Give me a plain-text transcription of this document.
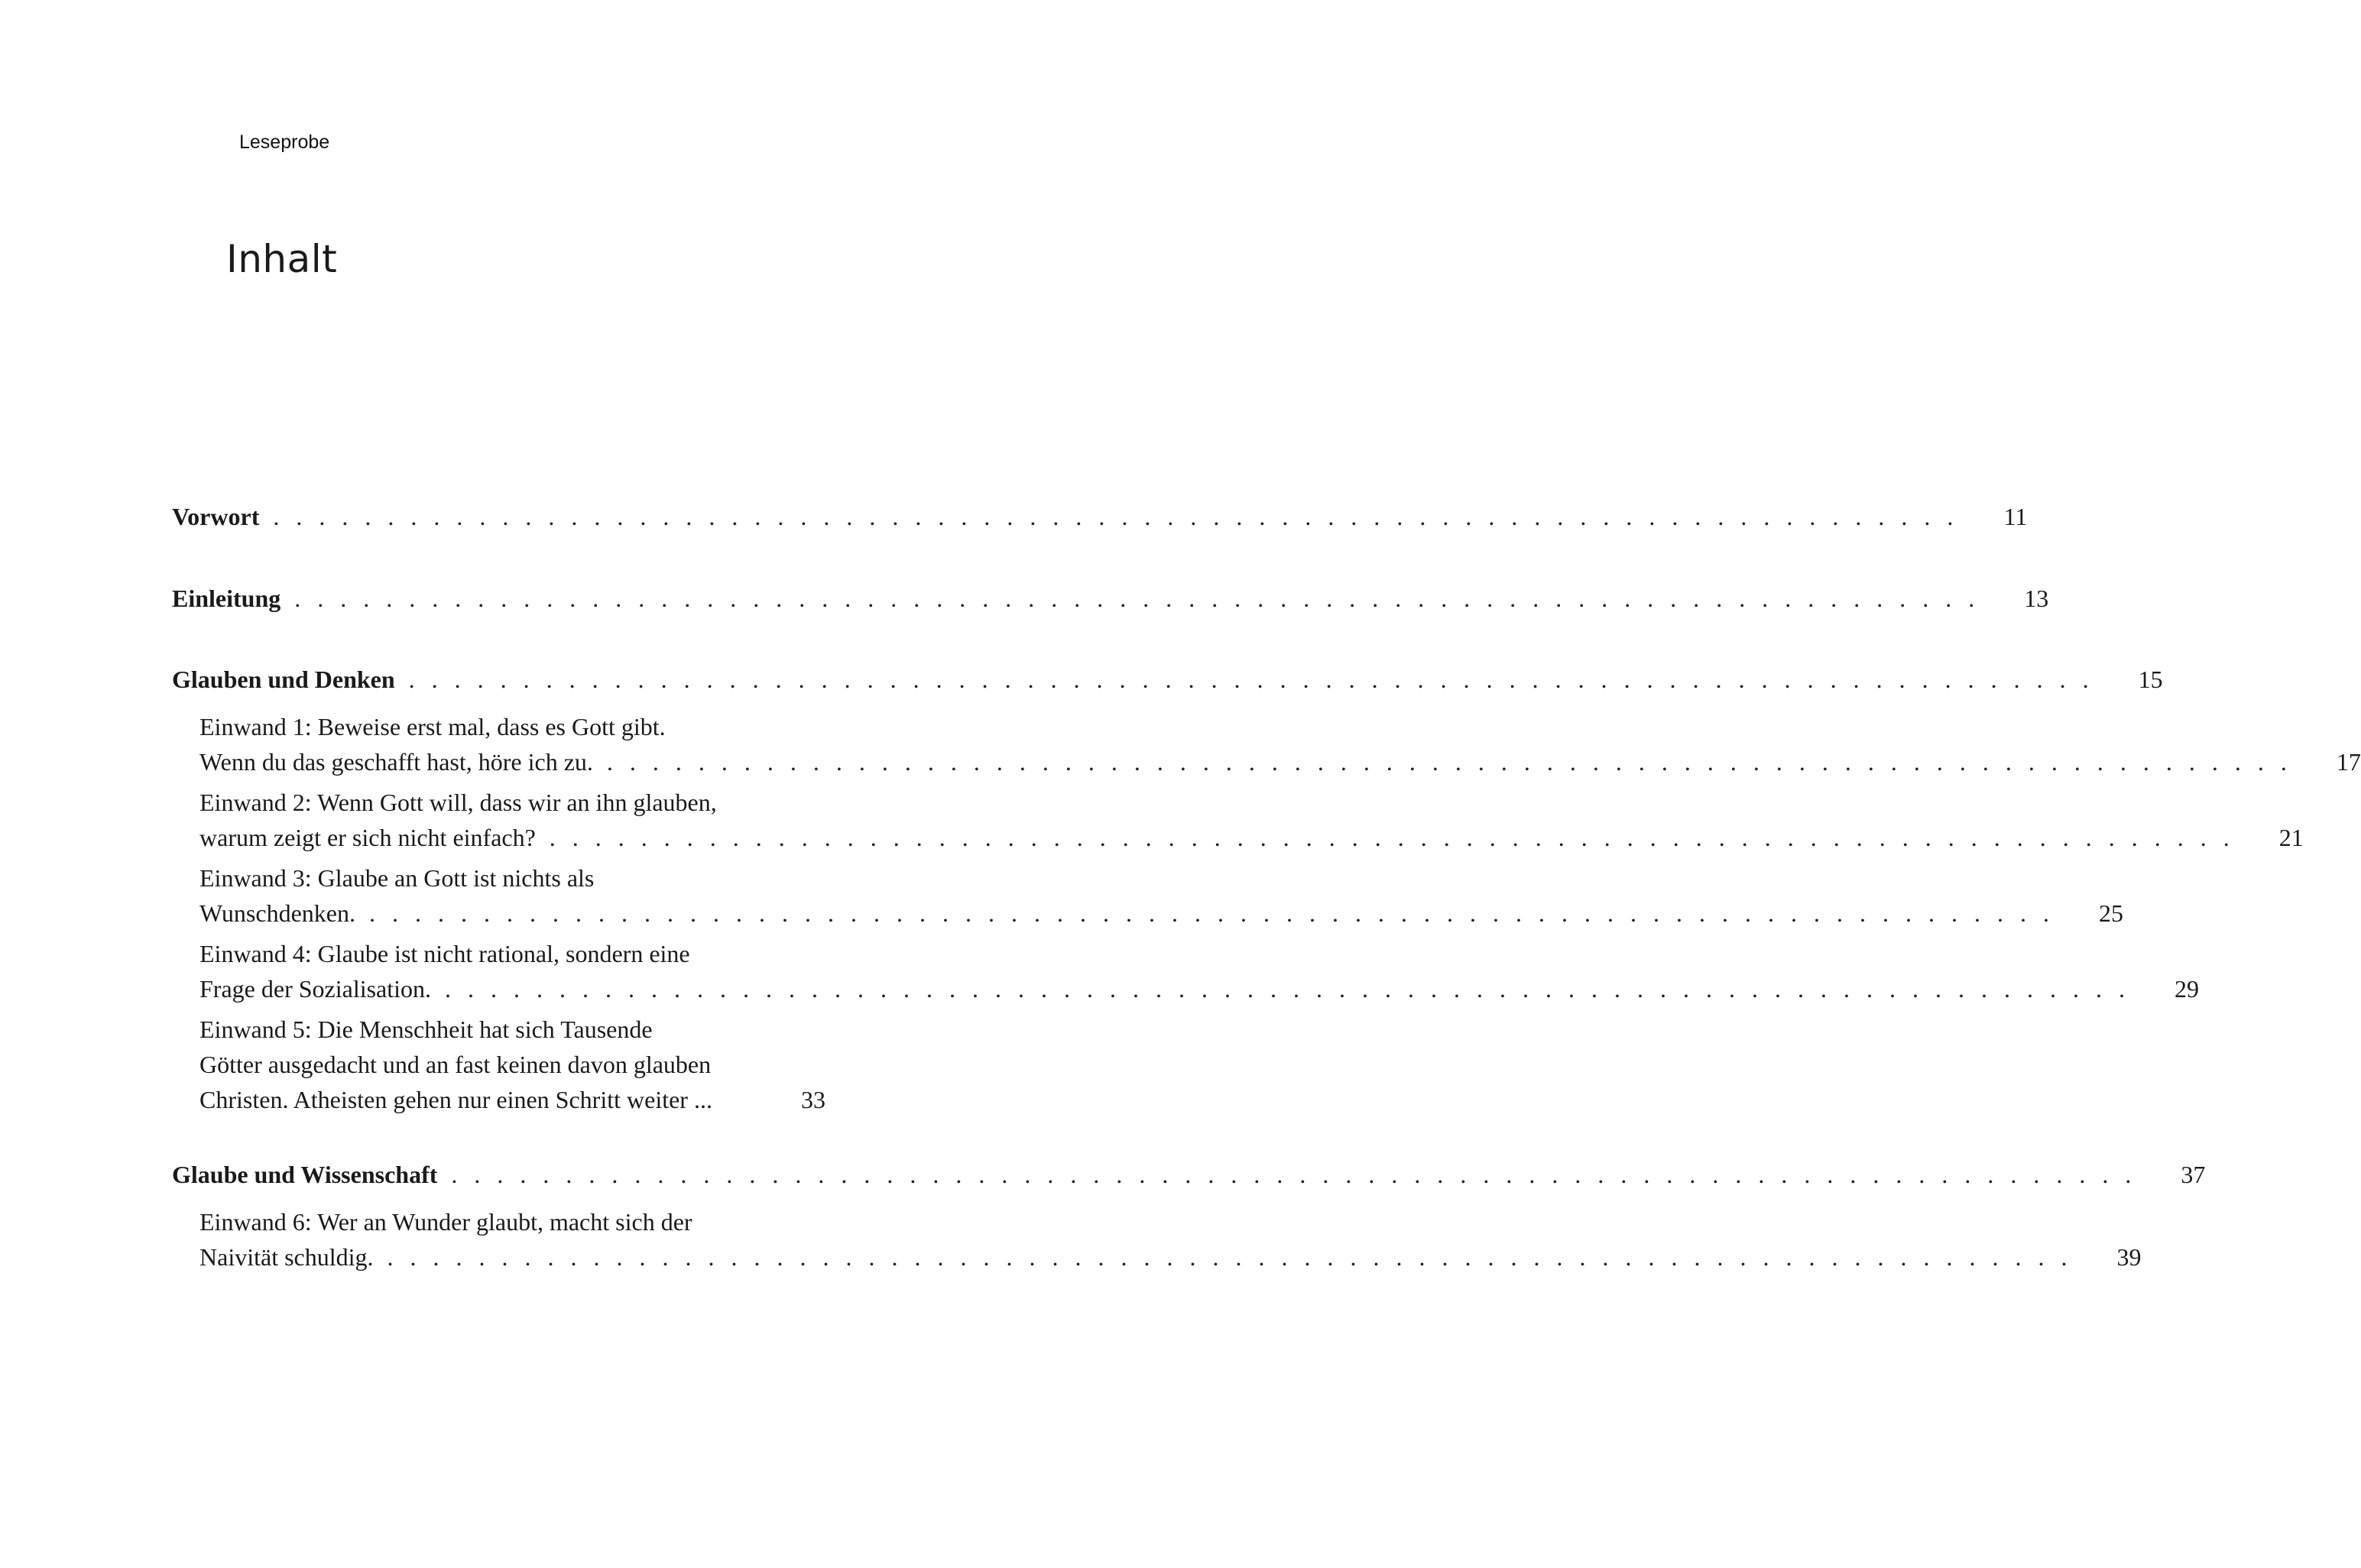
Leseprobe
Inhalt
Vorwort . . . . . . . . . . . . . . . . . . . . . . . . . . . . . . . . . . . . . . . . . . . . . . . . . . . . . . . . . . . . . . . . . . . . . . . . . .	11
Einleitung . . . . . . . . . . . . . . . . . . . . . . . . . . . . . . . . . . . . . . . . . . . . . . . . . . . . . . . . . . . . . . . . . . . . . . . . . .	13
Glauben und Denken . . . . . . . . . . . . . . . . . . . . . . . . . . . . . . . . . . . . . . . . . . . . . . . . . . . . . . . . . . . . . . . . . . . . . . . . . .	15
Einwand 1: Beweise erst mal, dass es Gott gibt.
Wenn du das geschafft hast, höre ich zu. . . . . . . . . . . . . . . . . . . . . . . . . . . . . . . . . . . . . . . . . . . . . . . . . . . . . . . . . . . . . . . . . . . . . . . . . . .	17
Einwand 2: Wenn Gott will, dass wir an ihn glauben,
warum zeigt er sich nicht einfach? . . . . . . . . . . . . . . . . . . . . . . . . . . . . . . . . . . . . . . . . . . . . . . . . . . . . . . . . . . . . . . . . . . . . . . . . . .	21
Einwand 3: Glaube an Gott ist nichts als
Wunschdenken. . . . . . . . . . . . . . . . . . . . . . . . . . . . . . . . . . . . . . . . . . . . . . . . . . . . . . . . . . . . . . . . . . . . . . . . . . .	25
Einwand 4: Glaube ist nicht rational, sondern eine
Frage der Sozialisation. . . . . . . . . . . . . . . . . . . . . . . . . . . . . . . . . . . . . . . . . . . . . . . . . . . . . . . . . . . . . . . . . . . . . . . . . . .	29
Einwand 5: Die Menschheit hat sich Tausende
Götter ausgedacht und an fast keinen davon glauben
Christen. Atheisten gehen nur einen Schritt weiter ...	33
Glaube und Wissenschaft . . . . . . . . . . . . . . . . . . . . . . . . . . . . . . . . . . . . . . . . . . . . . . . . . . . . . . . . . . . . . . . . . . . . . . . . . .	37
Einwand 6: Wer an Wunder glaubt, macht sich der
Naivität schuldig. . . . . . . . . . . . . . . . . . . . . . . . . . . . . . . . . . . . . . . . . . . . . . . . . . . . . . . . . . . . . . . . . . . . . . . . . . .	39
